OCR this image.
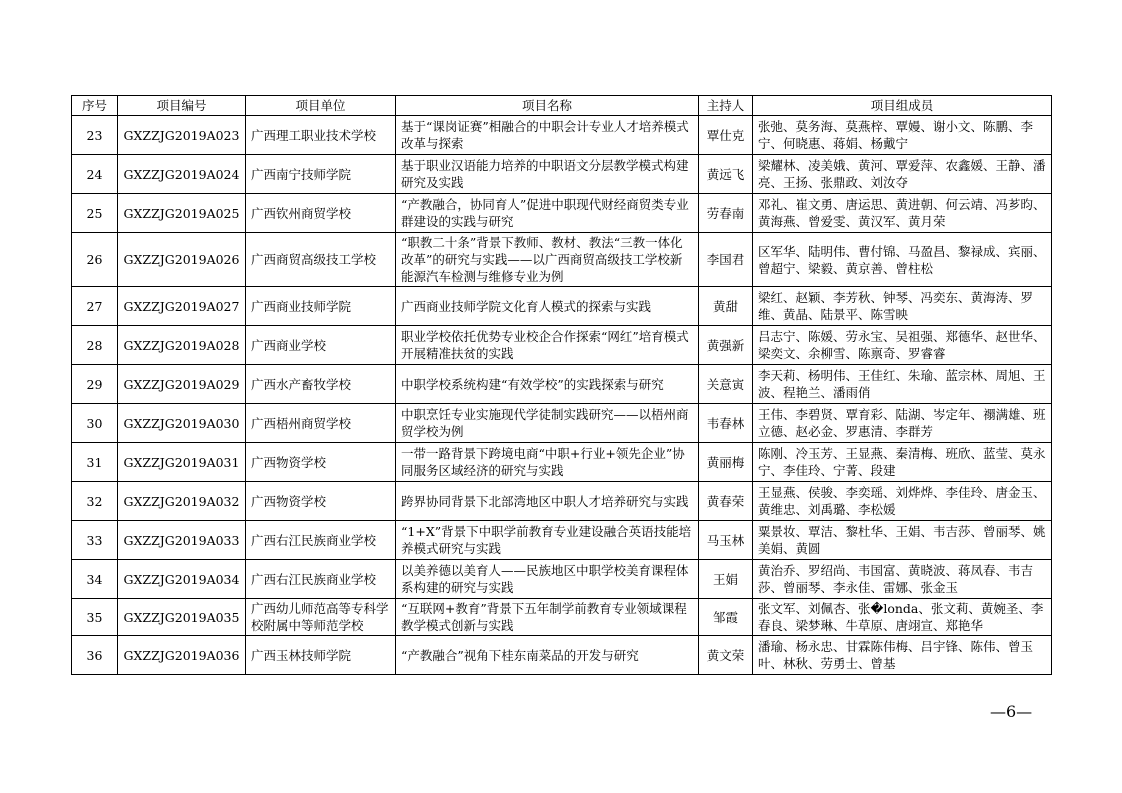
序号	项目编号	项目单位	项目名称	主持人	项目组成员
23	GXZZJG2019A023	广西理工职业技术学校	基于“课岗证赛”相融合的中职会计专业人才培养模式改革与探索	覃仕克	张弛、莫务海、莫燕梓、覃嫚、谢小文、陈鹏、李宁、何晓惠、蒋娟、杨戴宁
24	GXZZJG2019A024	广西南宁技师学院	基于职业汉语能力培养的中职语文分层教学模式构建研究及实践	黄远飞	梁耀林、凌美娥、黄河、覃爱萍、农鑫媛、王静、潘亮、王扬、张鼎政、刘汝夺
25	GXZZJG2019A025	广西钦州商贸学校	“产教融合，协同育人”促进中职现代财经商贸类专业群建设的实践与研究	劳春南	邓礼、崔文勇、唐运思、黄进朝、何云靖、冯芗昀、黄海燕、曾爱雯、黄汉军、黄月荣
26	GXZZJG2019A026	广西商贸高级技工学校	“职教二十条”背景下教师、教材、教法“三教一体化改革”的研究与实践——以广西商贸高级技工学校新能源汽车检测与维修专业为例	李国君	区军华、陆明伟、曹付锦、马盈昌、黎禄成、宾丽、曾超宁、梁毅、黄京善、曾柱松
27	GXZZJG2019A027	广西商业技师学院	广西商业技师学院文化育人模式的探索与实践	黄甜	梁红、赵颖、李芳秋、钟琴、冯奕东、黄海涛、罗维、黄晶、陆景平、陈雪映
28	GXZZJG2019A028	广西商业学校	职业学校依托优势专业校企合作探索“网红”培育模式开展精准扶贫的实践	黄强新	吕志宁、陈媛、劳永宝、吴祖强、郑德华、赵世华、梁奕文、余柳雪、陈禀奇、罗睿睿
29	GXZZJG2019A029	广西水产畜牧学校	中职学校系统构建“有效学校”的实践探索与研究	关意寅	李天莉、杨明伟、王佳红、朱瑜、蓝宗林、周旭、王波、程艳兰、潘雨俏
30	GXZZJG2019A030	广西梧州商贸学校	中职烹饪专业实施现代学徒制实践研究——以梧州商贸学校为例	韦春林	王伟、李碧贤、覃育彩、陆湖、岑定年、禤满雄、班立德、赵必金、罗惠清、李群芳
31	GXZZJG2019A031	广西物资学校	一带一路背景下跨境电商“中职+行业+领先企业”协同服务区域经济的研究与实践	黄丽梅	陈刚、冷玉芳、王显燕、秦清梅、班欣、蓝莹、莫永宁、李佳玲、宁菁、段建
32	GXZZJG2019A032	广西物资学校	跨界协同背景下北部湾地区中职人才培养研究与实践	黄春荣	王显燕、侯骏、李奕瑶、刘烨烨、李佳玲、唐金玉、黄维忠、刘禹璐、李松媛
33	GXZZJG2019A033	广西右江民族商业学校	“1+X”背景下中职学前教育专业建设融合英语技能培养模式研究与实践	马玉林	粟景妆、覃洁、黎杜华、王娟、韦吉莎、曾丽琴、姚美娟、黄圆
34	GXZZJG2019A034	广西右江民族商业学校	以美养德以美育人——民族地区中职学校美育课程体系构建的研究与实践	王娟	黄治乔、罗绍尚、韦国富、黄晓波、蒋凤春、韦吉莎、曾丽琴、李永佳、雷娜、张金玉
35	GXZZJG2019A035	广西幼儿师范高等专科学校附属中等师范学校	“互联网+教育”背景下五年制学前教育专业领域课程教学模式创新与实践	邹霞	张文军、刘佩杏、张�londa、张文莉、黄婉圣、李春良、梁梦琳、牛草原、唐翊宣、郑艳华
36	GXZZJG2019A036	广西玉林技师学院	“产教融合”视角下桂东南菜品的开发与研究	黄文荣	潘瑜、杨永忠、甘霖陈伟梅、吕宇锋、陈伟、曾玉叶、林秋、劳勇士、曾基
—6—
